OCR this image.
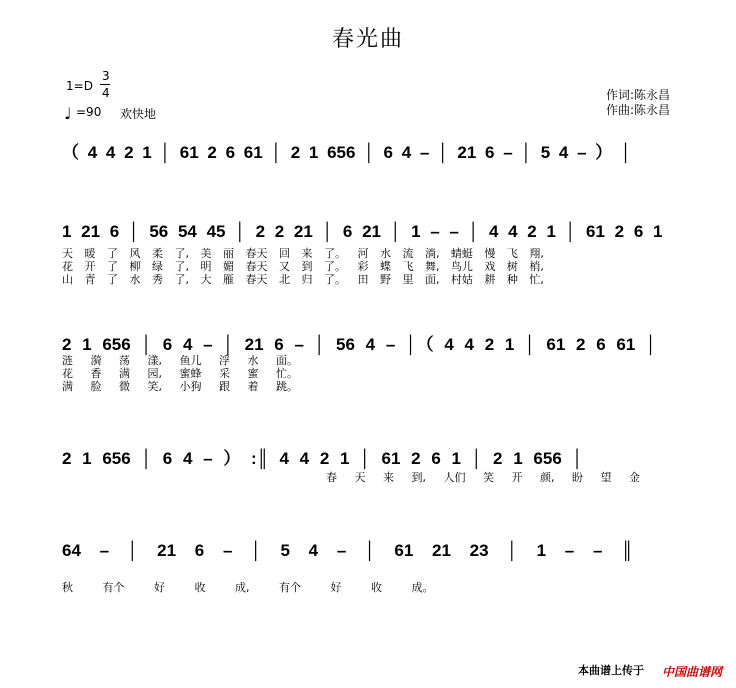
春光曲
1=D
3
4
♩ =90 欢快地
作词:陈永昌
作曲:陈永昌
（ 4 4 2 1 │ 61 2 6 61 │ 2 1 656 │ 6 4 – │ 21 6 – │ 5 4 – ） │
1 21 6 │ 56 54 45 │ 2 2 21 │ 6 21 │ 1 – – │ 4 4 2 1 │ 61 2 6 1
天 暖 了 风 柔 了, 美 丽 春天 回 来 了。 河 水 流 淌, 蜻蜓 慢 飞 翔,
花 开 了 柳 绿 了, 明 媚 春天 又 到 了。 彩 蝶 飞 舞, 鸟儿 戏 树 梢,
山 青 了 水 秀 了, 大 雁 春天 北 归 了。 田 野 里 面, 村姑 耕 种 忙,
2 1 656 │ 6 4 – │ 21 6 – │ 56 4 – │（ 4 4 2 1 │ 61 2 6 61 │
涟 漪 荡 漾, 鱼儿 浮 水 面。
花 香 满 园, 蜜蜂 采 蜜 忙。
满 脸 微 笑, 小狗 跟 着 跳。
2 1 656 │ 6 4 – ） :║ 4 4 2 1 │ 61 2 6 1 │ 2 1 656 │
春 天 来 到, 人们 笑 开 颜, 盼 望 金
64 – │ 21 6 – │ 5 4 – │ 61 21 23 │ 1 – – ║
秋 有个 好 收 成, 有个 好 收 成。
本曲谱上传于 中国曲谱网
